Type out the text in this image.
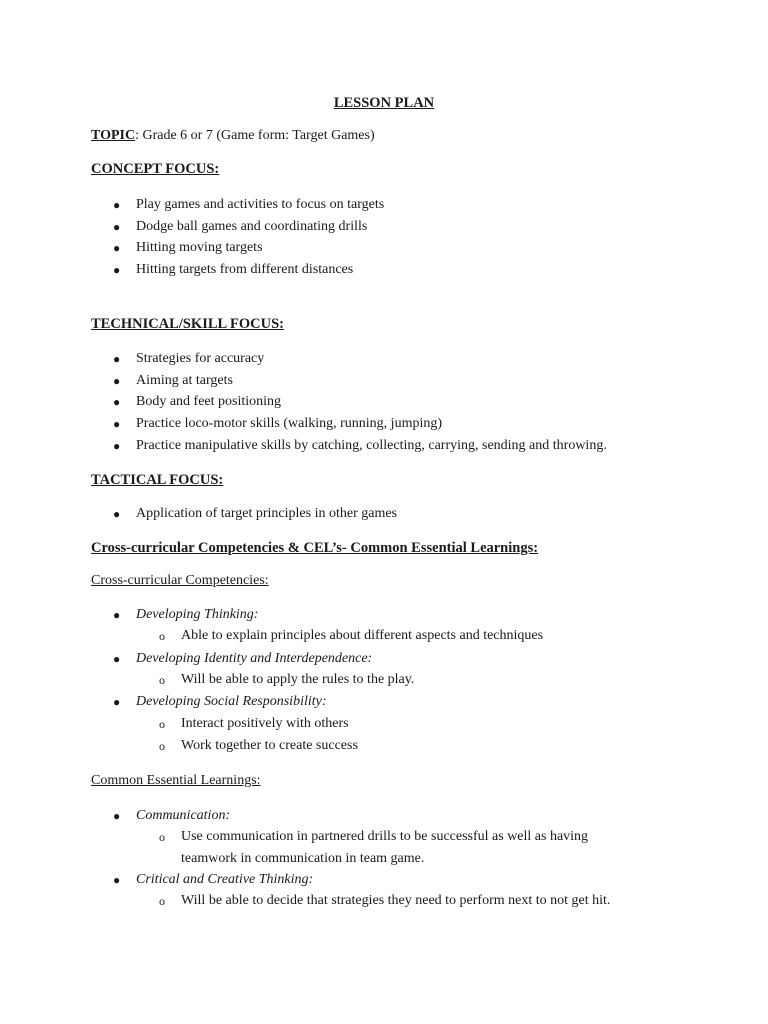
LESSON PLAN
TOPIC: Grade 6 or 7 (Game form: Target Games)
CONCEPT FOCUS:
● Play games and activities to focus on targets
● Dodge ball games and coordinating drills
● Hitting moving targets
● Hitting targets from different distances
TECHNICAL/SKILL FOCUS:
● Strategies for accuracy
● Aiming at targets
● Body and feet positioning
● Practice loco-motor skills (walking, running, jumping)
● Practice manipulative skills by catching, collecting, carrying, sending and throwing.
TACTICAL FOCUS:
● Application of target principles in other games
Cross-curricular Competencies & CEL’s- Common Essential Learnings:
Cross-curricular Competencies:
● Developing Thinking:
o Able to explain principles about different aspects and techniques
● Developing Identity and Interdependence:
o Will be able to apply the rules to the play.
● Developing Social Responsibility:
o Interact positively with others
o Work together to create success
Common Essential Learnings:
● Communication:
o Use communication in partnered drills to be successful as well as having
teamwork in communication in team game.
● Critical and Creative Thinking:
o Will be able to decide that strategies they need to perform next to not get hit.
